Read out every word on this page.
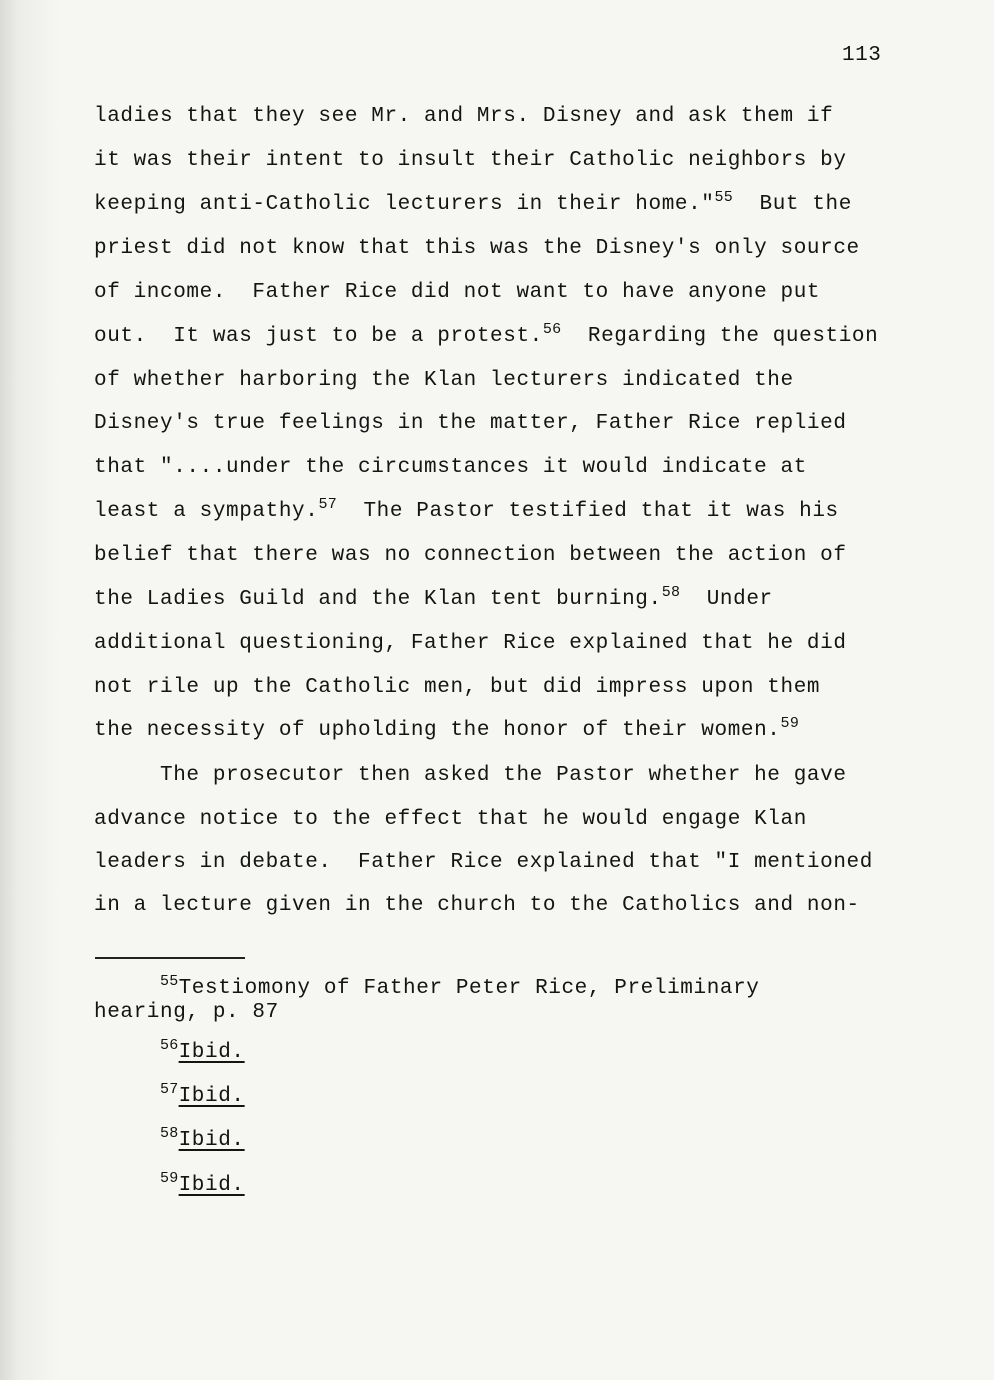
113
ladies that they see Mr. and Mrs. Disney and ask them if
it was their intent to insult their Catholic neighbors by
keeping anti-Catholic lecturers in their home."$^{55}$  But the
priest did not know that this was the Disney's only source
of income.  Father Rice did not want to have anyone put
out.  It was just to be a protest.$^{56}$  Regarding the question
of whether harboring the Klan lecturers indicated the
Disney's true feelings in the matter, Father Rice replied
that "....under the circumstances it would indicate at
least a sympathy.$^{57}$  The Pastor testified that it was his
belief that there was no connection between the action of
the Ladies Guild and the Klan tent burning.$^{58}$  Under
additional questioning, Father Rice explained that he did
not rile up the Catholic men, but did impress upon them
the necessity of upholding the honor of their women.$^{59}$
The prosecutor then asked the Pastor whether he gave
advance notice to the effect that he would engage Klan
leaders in debate.  Father Rice explained that "I mentioned
in a lecture given in the church to the Catholics and non-
$^{55}$Testiomony of Father Peter Rice, Preliminary
hearing, p. 87
$^{56}$Ibid.
$^{57}$Ibid.
$^{58}$Ibid.
$^{59}$Ibid.
